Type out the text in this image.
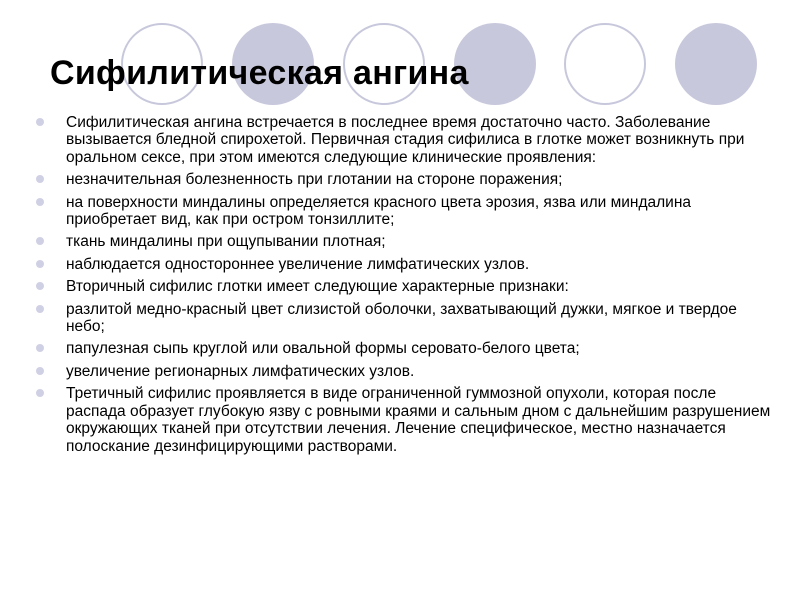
Сифилитическая ангина
Сифилитическая ангина встречается в последнее время достаточно часто. Заболевание вызывается бледной спирохетой. Первичная стадия сифилиса в глотке может возникнуть при оральном сексе, при этом имеются следующие клинические проявления:
незначительная болезненность при глотании на стороне поражения;
на поверхности миндалины определяется красного цвета эрозия, язва или миндалина приобретает вид, как при остром тонзиллите;
ткань миндалины при ощупывании плотная;
наблюдается одностороннее увеличение лимфатических узлов.
Вторичный сифилис глотки имеет следующие характерные признаки:
разлитой медно-красный цвет слизистой оболочки, захватывающий дужки, мягкое и твердое небо;
папулезная сыпь круглой или овальной формы серовато-белого цвета;
увеличение регионарных лимфатических узлов.
Третичный сифилис проявляется в виде ограниченной гуммозной опухоли, которая после распада образует глубокую язву с ровными краями и сальным дном с дальнейшим разрушением окружающих тканей при отсутствии лечения. Лечение специфическое, местно назначается полоскание дезинфицирующими растворами.
